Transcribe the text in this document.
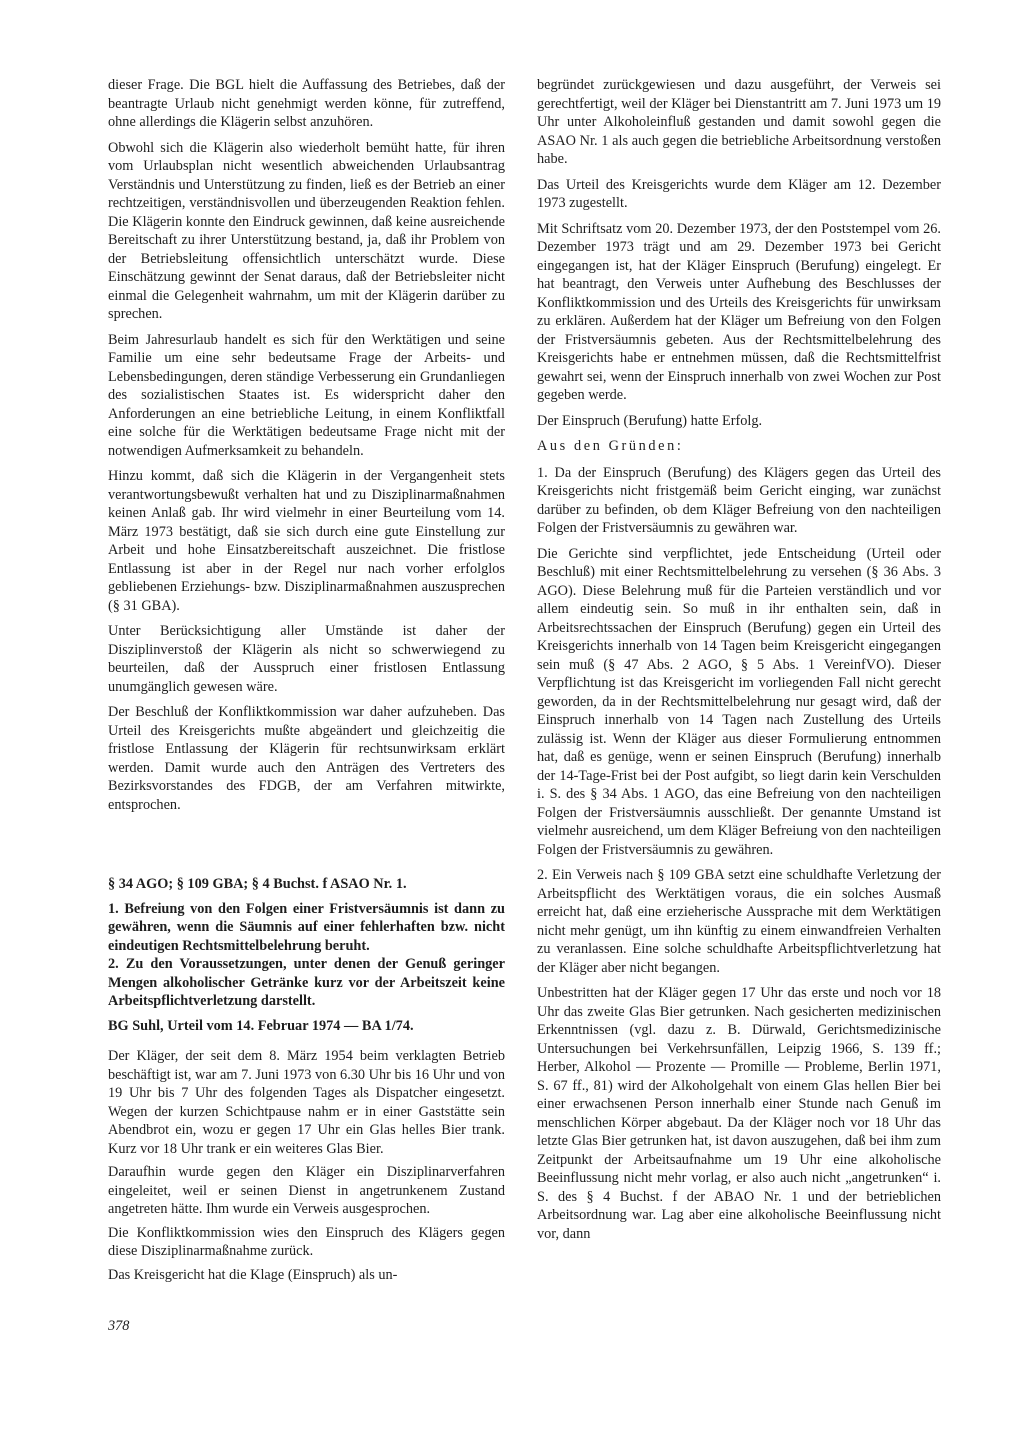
dieser Frage. Die BGL hielt die Auffassung des Betriebes, daß der beantragte Urlaub nicht genehmigt werden könne, für zutreffend, ohne allerdings die Klägerin selbst anzuhören.

Obwohl sich die Klägerin also wiederholt bemüht hatte, für ihren vom Urlaubsplan nicht wesentlich abweichenden Urlaubsantrag Verständnis und Unterstützung zu finden, ließ es der Betrieb an einer rechtzeitigen, verständnisvollen und überzeugenden Reaktion fehlen. Die Klägerin konnte den Eindruck gewinnen, daß keine ausreichende Bereitschaft zu ihrer Unterstützung bestand, ja, daß ihr Problem von der Betriebsleitung offensichtlich unterschätzt wurde. Diese Einschätzung gewinnt der Senat daraus, daß der Betriebsleiter nicht einmal die Gelegenheit wahrnahm, um mit der Klägerin darüber zu sprechen.

Beim Jahresurlaub handelt es sich für den Werktätigen und seine Familie um eine sehr bedeutsame Frage der Arbeits- und Lebensbedingungen, deren ständige Verbesserung ein Grundanliegen des sozialistischen Staates ist. Es widerspricht daher den Anforderungen an eine betriebliche Leitung, in einem Konfliktfall eine solche für die Werktätigen bedeutsame Frage nicht mit der notwendigen Aufmerksamkeit zu behandeln.

Hinzu kommt, daß sich die Klägerin in der Vergangenheit stets verantwortungsbewußt verhalten hat und zu Disziplinarmaßnahmen keinen Anlaß gab. Ihr wird vielmehr in einer Beurteilung vom 14. März 1973 bestätigt, daß sie sich durch eine gute Einstellung zur Arbeit und hohe Einsatzbereitschaft auszeichnet. Die fristlose Entlassung ist aber in der Regel nur nach vorher erfolglos gebliebenen Erziehungs- bzw. Disziplinarmaßnahmen auszusprechen (§ 31 GBA).

Unter Berücksichtigung aller Umstände ist daher der Disziplinverstoß der Klägerin als nicht so schwerwiegend zu beurteilen, daß der Ausspruch einer fristlosen Entlassung unumgänglich gewesen wäre.

Der Beschluß der Konfliktkommission war daher aufzuheben. Das Urteil des Kreisgerichts mußte abgeändert und gleichzeitig die fristlose Entlassung der Klägerin für rechtsunwirksam erklärt werden. Damit wurde auch den Anträgen des Vertreters des Bezirksvorstandes des FDGB, der am Verfahren mitwirkte, entsprochen.

§ 34 AGO; § 109 GBA; § 4 Buchst. f ASAO Nr. 1.

1. Befreiung von den Folgen einer Fristversäumnis ist dann zu gewähren, wenn die Säumnis auf einer fehlerhaften bzw. nicht eindeutigen Rechtsmittelbelehrung beruht.

2. Zu den Voraussetzungen, unter denen der Genuß geringer Mengen alkoholischer Getränke kurz vor der Arbeitszeit keine Arbeitspflichtverletzung darstellt.

BG Suhl, Urteil vom 14. Februar 1974 — BA 1/74.

Der Kläger, der seit dem 8. März 1954 beim verklagten Betrieb beschäftigt ist, war am 7. Juni 1973 von 6.30 Uhr bis 16 Uhr und von 19 Uhr bis 7 Uhr des folgenden Tages als Dispatcher eingesetzt. Wegen der kurzen Schichtpause nahm er in einer Gaststätte sein Abendbrot ein, wozu er gegen 17 Uhr ein Glas helles Bier trank. Kurz vor 18 Uhr trank er ein weiteres Glas Bier.

Daraufhin wurde gegen den Kläger ein Disziplinarverfahren eingeleitet, weil er seinen Dienst in angetrunkenem Zustand angetreten hätte. Ihm wurde ein Verweis ausgesprochen.

Die Konfliktkommission wies den Einspruch des Klägers gegen diese Disziplinarmaßnahme zurück.

Das Kreisgericht hat die Klage (Einspruch) als un-

begründet zurückgewiesen und dazu ausgeführt, der Verweis sei gerechtfertigt, weil der Kläger bei Dienstantritt am 7. Juni 1973 um 19 Uhr unter Alkoholeinfluß gestanden und damit sowohl gegen die ASAO Nr. 1 als auch gegen die betriebliche Arbeitsordnung verstoßen habe.

Das Urteil des Kreisgerichts wurde dem Kläger am 12. Dezember 1973 zugestellt.

Mit Schriftsatz vom 20. Dezember 1973, der den Poststempel vom 26. Dezember 1973 trägt und am 29. Dezember 1973 bei Gericht eingegangen ist, hat der Kläger Einspruch (Berufung) eingelegt. Er hat beantragt, den Verweis unter Aufhebung des Beschlusses der Konfliktkommission und des Urteils des Kreisgerichts für unwirksam zu erklären. Außerdem hat der Kläger um Befreiung von den Folgen der Fristversäumnis gebeten. Aus der Rechtsmittelbelehrung des Kreisgerichts habe er entnehmen müssen, daß die Rechtsmittelfrist gewahrt sei, wenn der Einspruch innerhalb von zwei Wochen zur Post gegeben werde.

Der Einspruch (Berufung) hatte Erfolg.

Aus den Gründen:

1. Da der Einspruch (Berufung) des Klägers gegen das Urteil des Kreisgerichts nicht fristgemäß beim Gericht einging, war zunächst darüber zu befinden, ob dem Kläger Befreiung von den nachteiligen Folgen der Fristversäumnis zu gewähren war.

Die Gerichte sind verpflichtet, jede Entscheidung (Urteil oder Beschluß) mit einer Rechtsmittelbelehrung zu versehen (§ 36 Abs. 3 AGO). Diese Belehrung muß für die Parteien verständlich und vor allem eindeutig sein. So muß in ihr enthalten sein, daß in Arbeitsrechtssachen der Einspruch (Berufung) gegen ein Urteil des Kreisgerichts innerhalb von 14 Tagen beim Kreisgericht eingegangen sein muß (§ 47 Abs. 2 AGO, § 5 Abs. 1 VereinfVO). Dieser Verpflichtung ist das Kreisgericht im vorliegenden Fall nicht gerecht geworden, da in der Rechtsmittelbelehrung nur gesagt wird, daß der Einspruch innerhalb von 14 Tagen nach Zustellung des Urteils zulässig ist. Wenn der Kläger aus dieser Formulierung entnommen hat, daß es genüge, wenn er seinen Einspruch (Berufung) innerhalb der 14-Tage-Frist bei der Post aufgibt, so liegt darin kein Verschulden i. S. des § 34 Abs. 1 AGO, das eine Befreiung von den nachteiligen Folgen der Fristversäumnis ausschließt. Der genannte Umstand ist vielmehr ausreichend, um dem Kläger Befreiung von den nachteiligen Folgen der Fristversäumnis zu gewähren.

2. Ein Verweis nach § 109 GBA setzt eine schuldhafte Verletzung der Arbeitspflicht des Werktätigen voraus, die ein solches Ausmaß erreicht hat, daß eine erzieherische Aussprache mit dem Werktätigen nicht mehr genügt, um ihn künftig zu einem einwandfreien Verhalten zu veranlassen. Eine solche schuldhafte Arbeitspflichtverletzung hat der Kläger aber nicht begangen.

Unbestritten hat der Kläger gegen 17 Uhr das erste und noch vor 18 Uhr das zweite Glas Bier getrunken. Nach gesicherten medizinischen Erkenntnissen (vgl. dazu z. B. Dürwald, Gerichtsmedizinische Untersuchungen bei Verkehrsunfällen, Leipzig 1966, S. 139 ff.; Herber, Alkohol — Prozente — Promille — Probleme, Berlin 1971, S. 67 ff., 81) wird der Alkoholgehalt von einem Glas hellen Bier bei einer erwachsenen Person innerhalb einer Stunde nach Genuß im menschlichen Körper abgebaut. Da der Kläger noch vor 18 Uhr das letzte Glas Bier getrunken hat, ist davon auszugehen, daß bei ihm zum Zeitpunkt der Arbeitsaufnahme um 19 Uhr eine alkoholische Beeinflussung nicht mehr vorlag, er also auch nicht „angetrunken“ i. S. des § 4 Buchst. f der ABAO Nr. 1 und der betrieblichen Arbeitsordnung war. Lag aber eine alkoholische Beeinflussung nicht vor, dann

378
